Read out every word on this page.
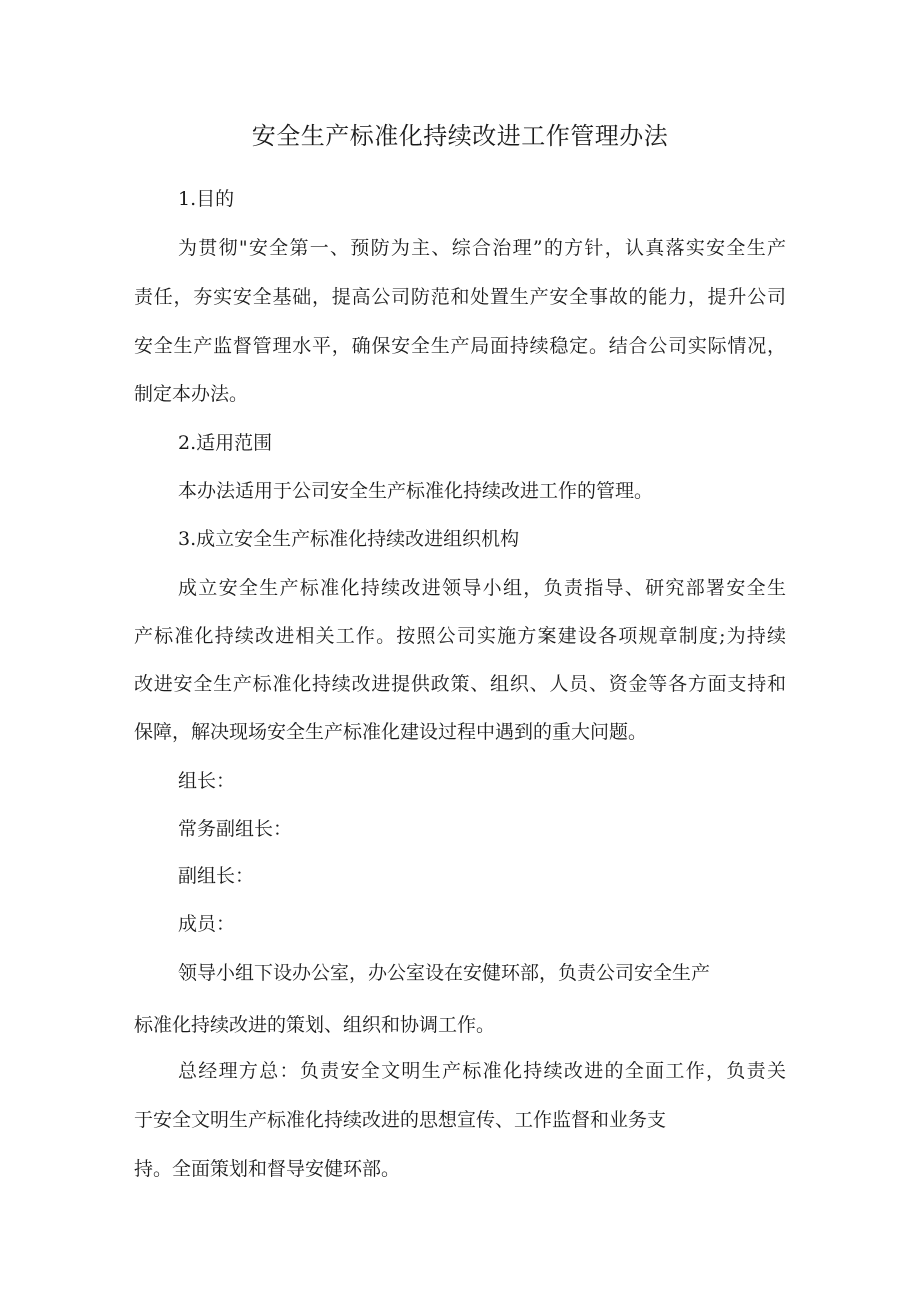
安全生产标准化持续改进工作管理办法
1.目的
为贯彻"安全第一、预防为主、综合治理”的方针，认真落实安全生产
责任，夯实安全基础，提高公司防范和处置生产安全事故的能力，提升公司
安全生产监督管理水平，确保安全生产局面持续稳定。结合公司实际情况，
制定本办法。
2.适用范围
本办法适用于公司安全生产标准化持续改进工作的管理。
3.成立安全生产标准化持续改进组织机构
成立安全生产标准化持续改进领导小组，负责指导、研究部署安全生
产标准化持续改进相关工作。按照公司实施方案建设各项规章制度;为持续
改进安全生产标准化持续改进提供政策、组织、人员、资金等各方面支持和
保障，解决现场安全生产标准化建设过程中遇到的重大问题。
组长：
常务副组长：
副组长：
成员：
领导小组下设办公室，办公室设在安健环部，负责公司安全生产
标准化持续改进的策划、组织和协调工作。
总经理方总：负责安全文明生产标准化持续改进的全面工作，负责关
于安全文明生产标准化持续改进的思想宣传、工作监督和业务支
持。全面策划和督导安健环部。
